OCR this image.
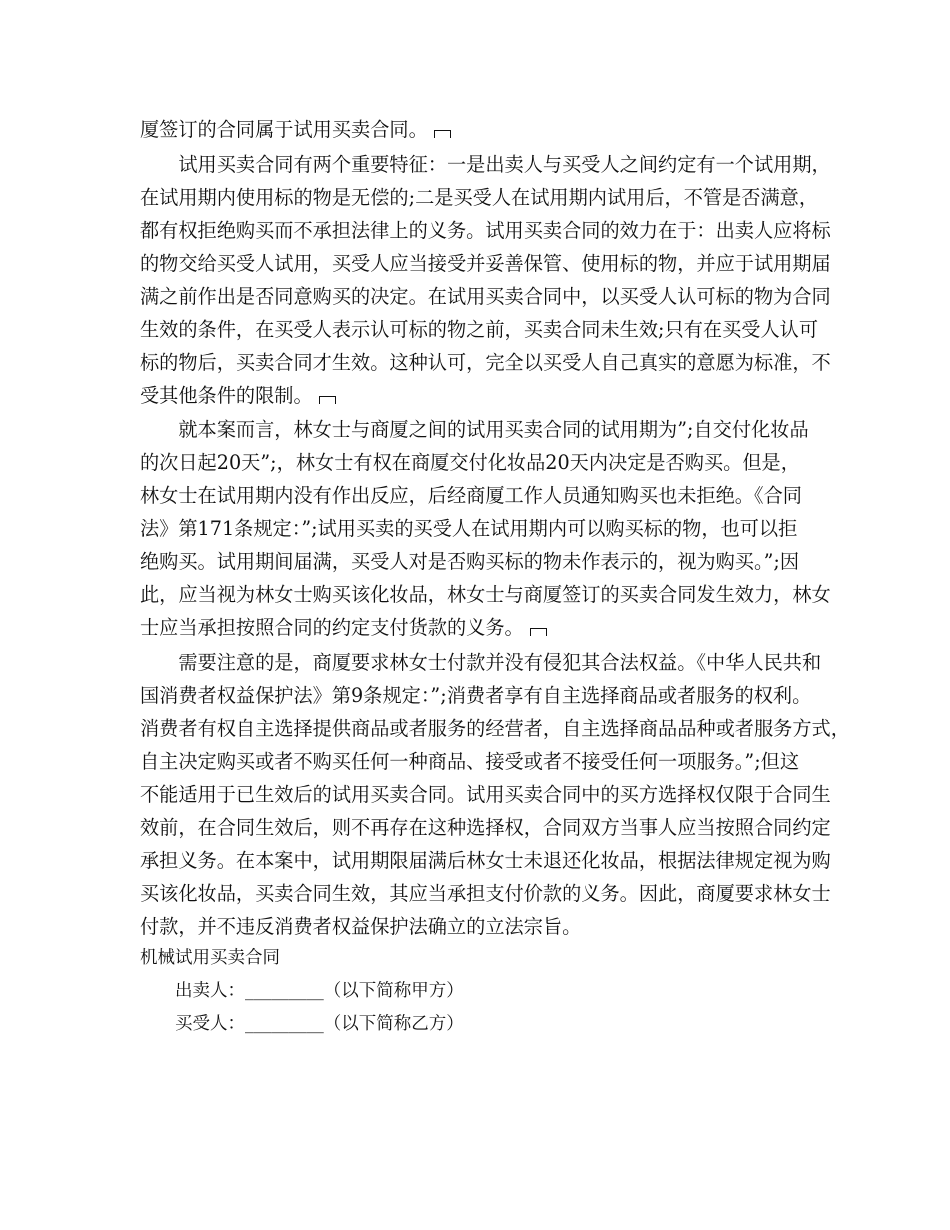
厦签订的合同属于试用买卖合同。
　　试用买卖合同有两个重要特征：一是出卖人与买受人之间约定有一个试用期，
在试用期内使用标的物是无偿的;二是买受人在试用期内试用后，不管是否满意，
都有权拒绝购买而不承担法律上的义务。试用买卖合同的效力在于：出卖人应将标
的物交给买受人试用，买受人应当接受并妥善保管、使用标的物，并应于试用期届
满之前作出是否同意购买的决定。在试用买卖合同中，以买受人认可标的物为合同
生效的条件，在买受人表示认可标的物之前，买卖合同未生效;只有在买受人认可
标的物后，买卖合同才生效。这种认可，完全以买受人自己真实的意愿为标准，不
受其他条件的限制。
　　就本案而言，林女士与商厦之间的试用买卖合同的试用期为”;自交付化妆品
的次日起20天”;，林女士有权在商厦交付化妆品20天内决定是否购买。但是，
林女士在试用期内没有作出反应，后经商厦工作人员通知购买也未拒绝。《合同
法》第171条规定：”;试用买卖的买受人在试用期内可以购买标的物，也可以拒
绝购买。试用期间届满，买受人对是否购买标的物未作表示的，视为购买。”;因
此，应当视为林女士购买该化妆品，林女士与商厦签订的买卖合同发生效力，林女
士应当承担按照合同的约定支付货款的义务。
　　需要注意的是，商厦要求林女士付款并没有侵犯其合法权益。《中华人民共和
国消费者权益保护法》第9条规定：”;消费者享有自主选择商品或者服务的权利。
消费者有权自主选择提供商品或者服务的经营者，自主选择商品品种或者服务方式，
自主决定购买或者不购买任何一种商品、接受或者不接受任何一项服务。”;但这
不能适用于已生效后的试用买卖合同。试用买卖合同中的买方选择权仅限于合同生
效前，在合同生效后，则不再存在这种选择权，合同双方当事人应当按照合同约定
承担义务。在本案中，试用期限届满后林女士未退还化妆品，根据法律规定视为购
买该化妆品，买卖合同生效，其应当承担支付价款的义务。因此，商厦要求林女士
付款，并不违反消费者权益保护法确立的立法宗旨。
机械试用买卖合同
　　出卖人：_________（以下简称甲方）
　　买受人：_________（以下简称乙方）
